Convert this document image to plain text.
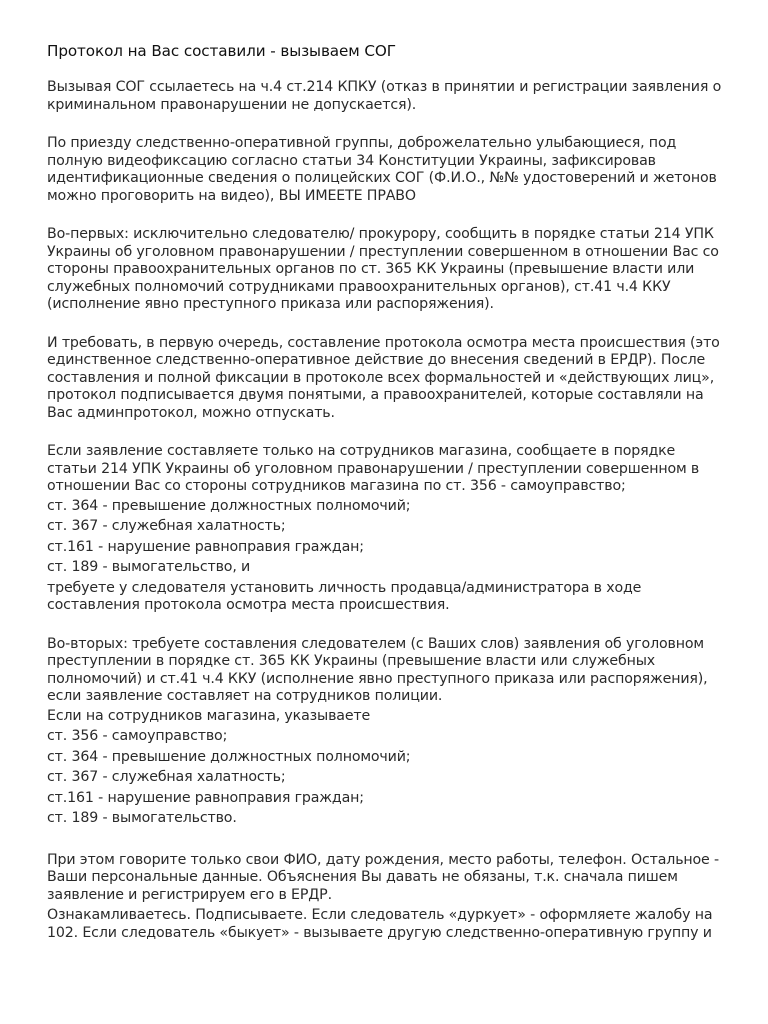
Протокол на Вас составили - вызываем СОГ

Вызывая СОГ ссылаетесь на ч.4 ст.214 КПКУ (отказ в принятии и регистрации заявления о криминальном правонарушении не допускается).

По приезду следственно-оперативной группы, доброжелательно улыбающиеся, под полную видеофиксацию согласно статьи 34 Конституции Украины, зафиксировав идентификационные сведения о полицейских СОГ (Ф.И.О., №№ удостоверений и жетонов можно проговорить на видео), ВЫ ИМЕЕТЕ ПРАВО

Во-первых: исключительно следователю/ прокурору, сообщить в порядке статьи 214 УПК Украины об уголовном правонарушении / преступлении совершенном в отношении Вас со стороны правоохранительных органов по ст. 365 КК Украины (превышение власти или служебных полномочий сотрудниками правоохранительных органов), ст.41 ч.4 ККУ (исполнение явно преступного приказа или распоряжения).

И требовать, в первую очередь, составление протокола осмотра места происшествия (это единственное следственно-оперативное действие до внесения сведений в ЕРДР). После составления и полной фиксации в протоколе всех формальностей и «действующих лиц», протокол подписывается двумя понятыми, а правоохранителей, которые составляли на Вас админпротокол, можно отпускать.

Если заявление составляете только на сотрудников магазина, сообщаете в порядке статьи 214 УПК Украины об уголовном правонарушении / преступлении совершенном в отношении Вас со стороны сотрудников магазина по ст. 356 - самоуправство;

ст. 364 - превышение должностных полномочий;

ст. 367 - служебная халатность;

ст.161 - нарушение равноправия граждан;

ст. 189 - вымогательство, и

требуете у следователя установить личность продавца/администратора в ходе составления протокола осмотра места происшествия.

Во-вторых: требуете составления следователем (с Ваших слов) заявления об уголовном преступлении в порядке ст. 365 КК Украины (превышение власти или служебных полномочий) и ст.41 ч.4 ККУ (исполнение явно преступного приказа или распоряжения), если заявление составляет на сотрудников полиции.

Если на сотрудников магазина, указываете

ст. 356 - самоуправство;

ст. 364 - превышение должностных полномочий;

ст. 367 - служебная халатность;

ст.161 - нарушение равноправия граждан;

ст. 189 - вымогательство.

При этом говорите только свои ФИО, дату рождения, место работы, телефон. Остальное - Ваши персональные данные. Объяснения Вы давать не обязаны, т.к. сначала пишем заявление и регистрируем его в ЕРДР.

Ознакамливаетесь. Подписываете. Если следователь «дуркует» - оформляете жалобу на 102. Если следователь «быкует» - вызываете другую следственно-оперативную группу и
